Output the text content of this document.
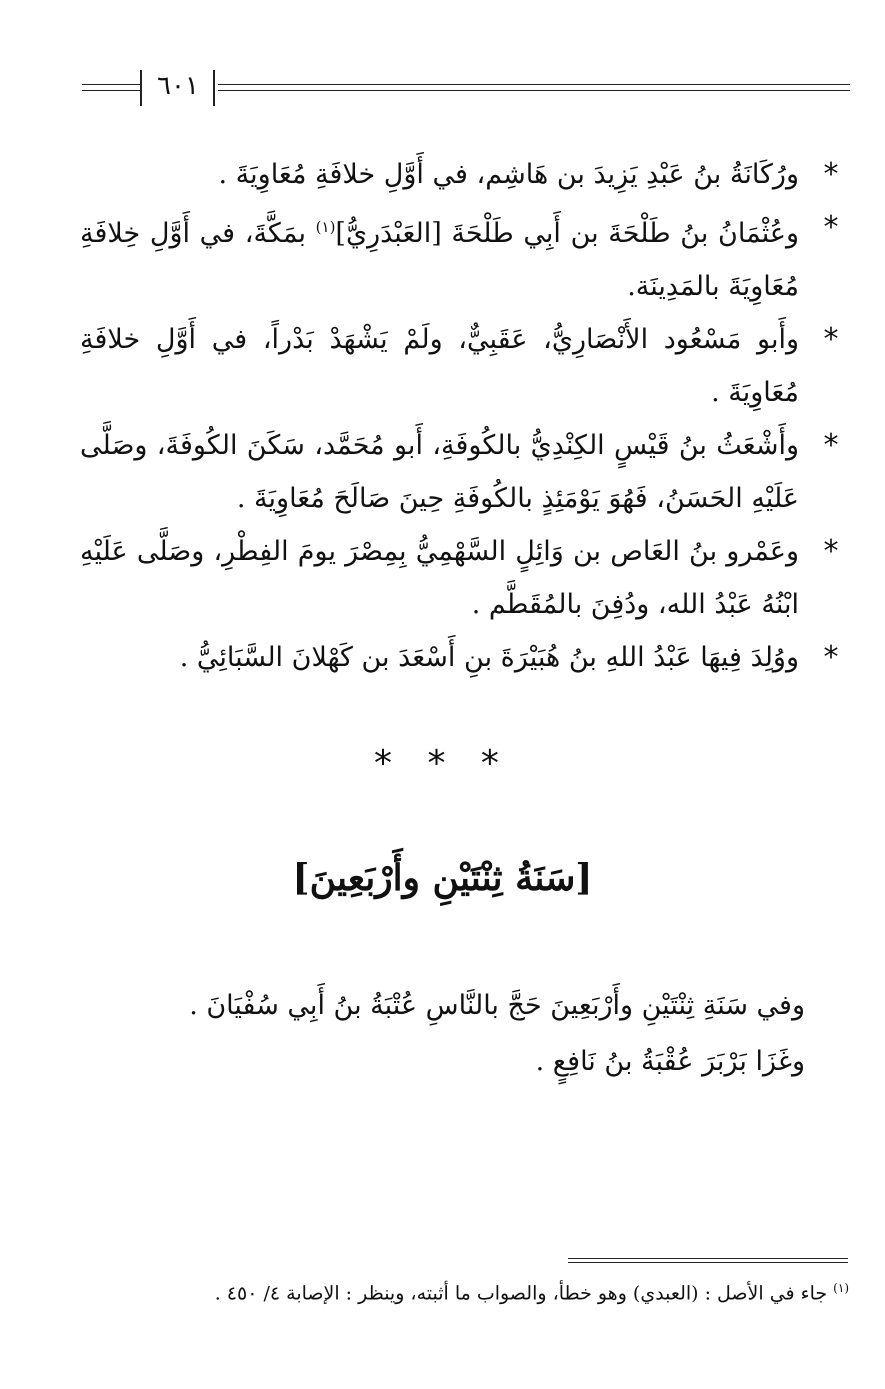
٦٠١
*
ورُكَانَةُ بنُ عَبْدِ يَزِيدَ بن هَاشِم، في أَوَّلِ خلافَةِ مُعَاوِيَةَ .
*
وعُثْمَانُ بنُ طَلْحَةَ بن أَبِي طَلْحَةَ [العَبْدَرِيُّ]$^{(١)}$ بمَكَّةَ، في أَوَّلِ خِلافَةِ مُعَاوِيَةَ بالمَدِينَة.
*
وأَبو مَسْعُود الأَنْصَارِيُّ، عَقَبِيٌّ، ولَمْ يَشْهَدْ بَدْراً، في أَوَّلِ خلافَةِ مُعَاوِيَةَ .
*
وأَشْعَثُ بنُ قَيْسٍ الكِنْدِيُّ بالكُوفَةِ، أَبو مُحَمَّد، سَكَنَ الكُوفَةَ، وصَلَّى عَلَيْهِ الحَسَنُ، فَهُوَ يَوْمَئِذٍ بالكُوفَةِ حِينَ صَالَحَ مُعَاوِيَةَ .
*
وعَمْرو بنُ العَاص بن وَائِلٍ السَّهْمِيُّ بِمِصْرَ يومَ الفِطْرِ، وصَلَّى عَلَيْهِ ابْنُهُ عَبْدُ الله، ودُفِنَ بالمُقَطَّم .
*
ووُلِدَ فِيهَا عَبْدُ اللهِ بنُ هُبَيْرَةَ بنِ أَسْعَدَ بن كَهْلانَ السَّبَائِيُّ .
* * *
[سَنَةُ ثِنْتَيْنِ وأَرْبَعِينَ]

وفي سَنَةِ ثِنْتَيْنِ وأَرْبَعِينَ حَجَّ بالنَّاسِ عُتْبَةُ بنُ أَبِي سُفْيَانَ .

وغَزَا بَرْبَرَ عُقْبَةُ بنُ نَافِعٍ .

$^{(١)}$ جاء في الأصل : (العبدي) وهو خطأ، والصواب ما أثبته، وينظر : الإصابة ٤/ ٤٥٠ .
